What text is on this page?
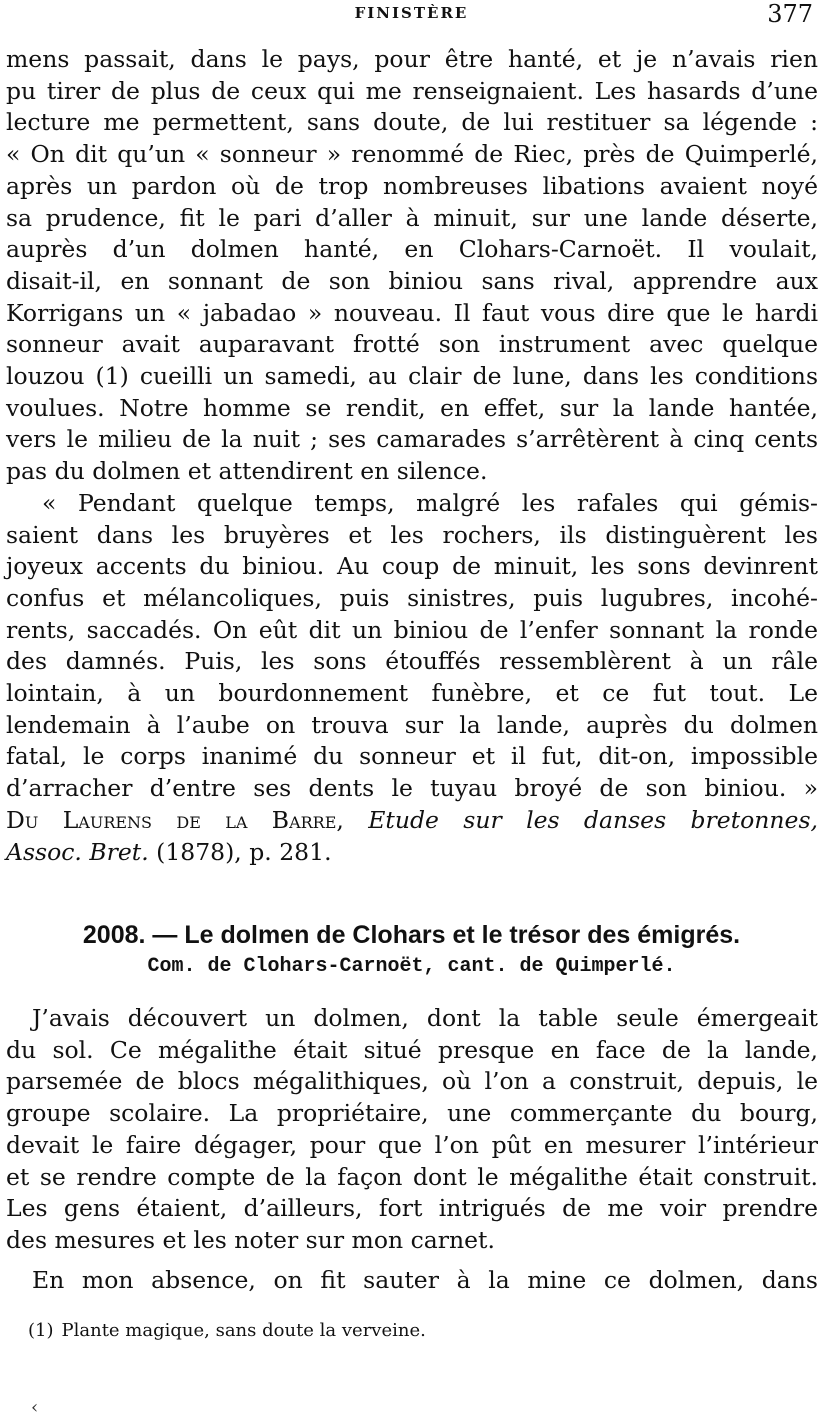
FINISTÈRE	377

mens passait, dans le pays, pour être hanté, et je n’avais rien
pu tirer de plus de ceux qui me renseignaient. Les hasards d’une
lecture me permettent, sans doute, de lui restituer sa légende :
« On dit qu’un « sonneur » renommé de Riec, près de Quimperlé,
après un pardon où de trop nombreuses libations avaient noyé
sa prudence, fit le pari d’aller à minuit, sur une lande déserte,
auprès d’un dolmen hanté, en Clohars-Carnoët. Il voulait,
disait-il, en sonnant de son biniou sans rival, apprendre aux
Korrigans un « jabadao » nouveau. Il faut vous dire que le hardi
sonneur avait auparavant frotté son instrument avec quelque
louzou (1) cueilli un samedi, au clair de lune, dans les conditions
voulues. Notre homme se rendit, en effet, sur la lande hantée,
vers le milieu de la nuit ; ses camarades s’arrêtèrent à cinq cents
pas du dolmen et attendirent en silence.

« Pendant quelque temps, malgré les rafales qui gémis-
saient dans les bruyères et les rochers, ils distinguèrent les
joyeux accents du biniou. Au coup de minuit, les sons devinrent
confus et mélancoliques, puis sinistres, puis lugubres, incohé-
rents, saccadés. On eût dit un biniou de l’enfer sonnant la ronde
des damnés. Puis, les sons étouffés ressemblèrent à un râle
lointain, à un bourdonnement funèbre, et ce fut tout. Le
lendemain à l’aube on trouva sur la lande, auprès du dolmen
fatal, le corps inanimé du sonneur et il fut, dit-on, impossible
d’arracher d’entre ses dents le tuyau broyé de son biniou. »
Du Laurens de la Barre, Etude sur les danses bretonnes,
Assoc. Bret. (1878), p. 281.

2008. — Le dolmen de Clohars et le trésor des émigrés.
Com. de Clohars-Carnoët, cant. de Quimperlé.

J’avais découvert un dolmen, dont la table seule émergeait
du sol. Ce mégalithe était situé presque en face de la lande,
parsemée de blocs mégalithiques, où l’on a construit, depuis, le
groupe scolaire. La propriétaire, une commerçante du bourg,
devait le faire dégager, pour que l’on pût en mesurer l’intérieur
et se rendre compte de la façon dont le mégalithe était construit.
Les gens étaient, d’ailleurs, fort intrigués de me voir prendre
des mesures et les noter sur mon carnet.

En mon absence, on fit sauter à la mine ce dolmen, dans

(1) Plante magique, sans doute la verveine.
‹
